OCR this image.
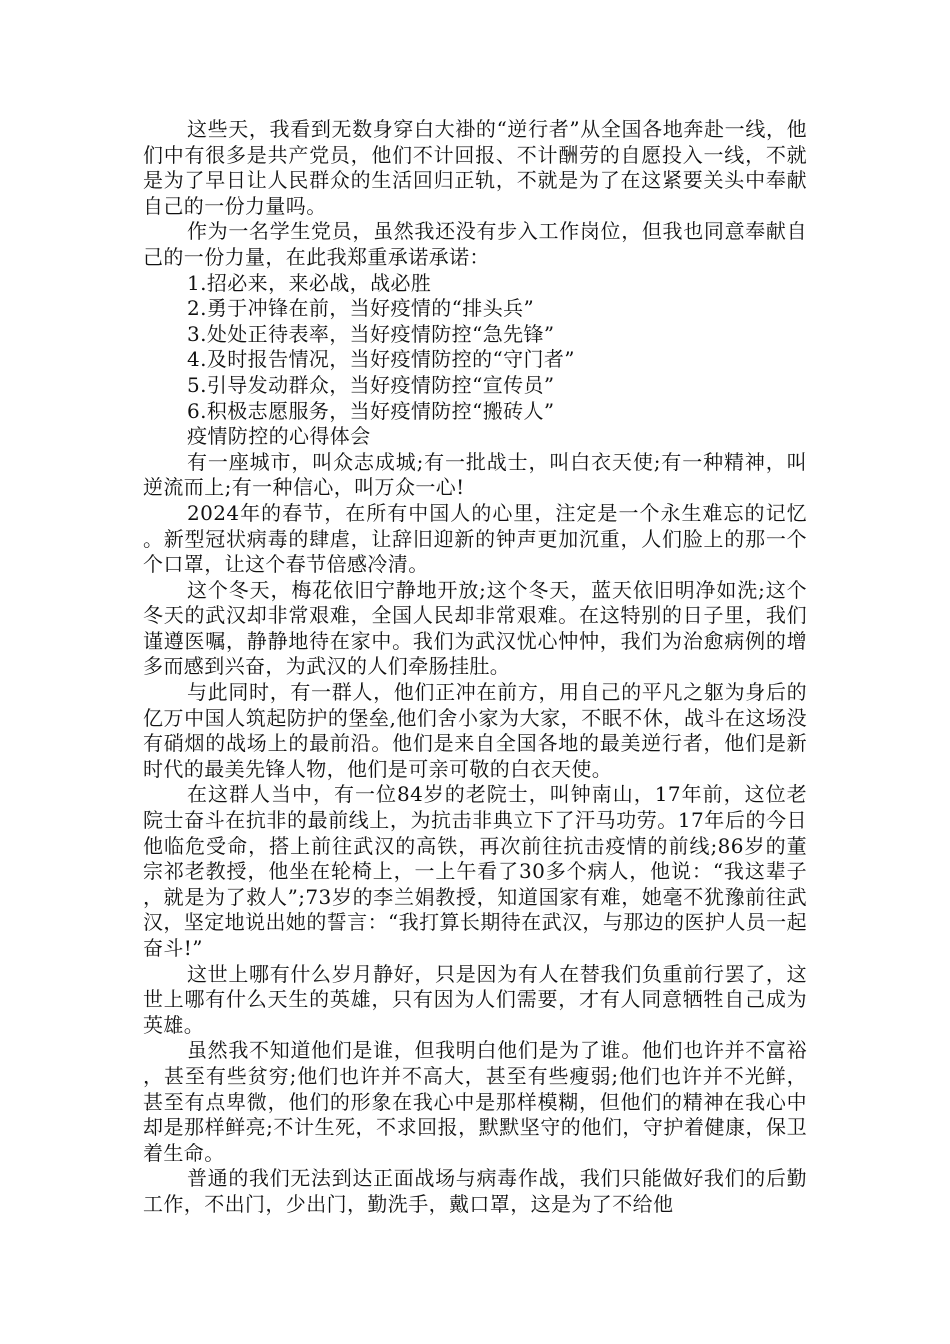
这些天，我看到无数身穿白大褂的“逆行者”从全国各地奔赴一线，他们中有很多是共产党员，他们不计回报、不计酬劳的自愿投入一线，不就是为了早日让人民群众的生活回归正轨，不就是为了在这紧要关头中奉献自己的一份力量吗。

作为一名学生党员，虽然我还没有步入工作岗位，但我也同意奉献自己的一份力量，在此我郑重承诺承诺：

1.招必来，来必战，战必胜

2.勇于冲锋在前，当好疫情的“排头兵”

3.处处正待表率，当好疫情防控“急先锋”

4.及时报告情况，当好疫情防控的“守门者”

5.引导发动群众，当好疫情防控“宣传员”

6.积极志愿服务，当好疫情防控“搬砖人”

疫情防控的心得体会

有一座城市，叫众志成城;有一批战士，叫白衣天使;有一种精神，叫逆流而上;有一种信心，叫万众一心!

2024年的春节，在所有中国人的心里，注定是一个永生难忘的记忆。新型冠状病毒的肆虐，让辞旧迎新的钟声更加沉重，人们脸上的那一个个口罩，让这个春节倍感冷清。

这个冬天，梅花依旧宁静地开放;这个冬天，蓝天依旧明净如洗;这个冬天的武汉却非常艰难，全国人民却非常艰难。在这特别的日子里，我们谨遵医嘱，静静地待在家中。我们为武汉忧心忡忡，我们为治愈病例的增多而感到兴奋，为武汉的人们牵肠挂肚。

与此同时，有一群人，他们正冲在前方，用自己的平凡之躯为身后的亿万中国人筑起防护的堡垒,他们舍小家为大家，不眠不休，战斗在这场没有硝烟的战场上的最前沿。他们是来自全国各地的最美逆行者，他们是新时代的最美先锋人物，他们是可亲可敬的白衣天使。

在这群人当中，有一位84岁的老院士，叫钟南山，17年前，这位老院士奋斗在抗非的最前线上，为抗击非典立下了汗马功劳。17年后的今日他临危受命，搭上前往武汉的高铁，再次前往抗击疫情的前线;86岁的董宗祁老教授，他坐在轮椅上，一上午看了30多个病人，他说：“我这辈子，就是为了救人”;73岁的李兰娟教授，知道国家有难，她毫不犹豫前往武汉，坚定地说出她的誓言：“我打算长期待在武汉，与那边的医护人员一起奋斗!”

这世上哪有什么岁月静好，只是因为有人在替我们负重前行罢了，这世上哪有什么天生的英雄，只有因为人们需要，才有人同意牺牲自己成为英雄。

虽然我不知道他们是谁，但我明白他们是为了谁。他们也许并不富裕，甚至有些贫穷;他们也许并不高大，甚至有些瘦弱;他们也许并不光鲜，甚至有点卑微，他们的形象在我心中是那样模糊，但他们的精神在我心中却是那样鲜亮;不计生死，不求回报，默默坚守的他们，守护着健康，保卫着生命。

普通的我们无法到达正面战场与病毒作战，我们只能做好我们的后勤工作，不出门，少出门，勤洗手，戴口罩，这是为了不给他
